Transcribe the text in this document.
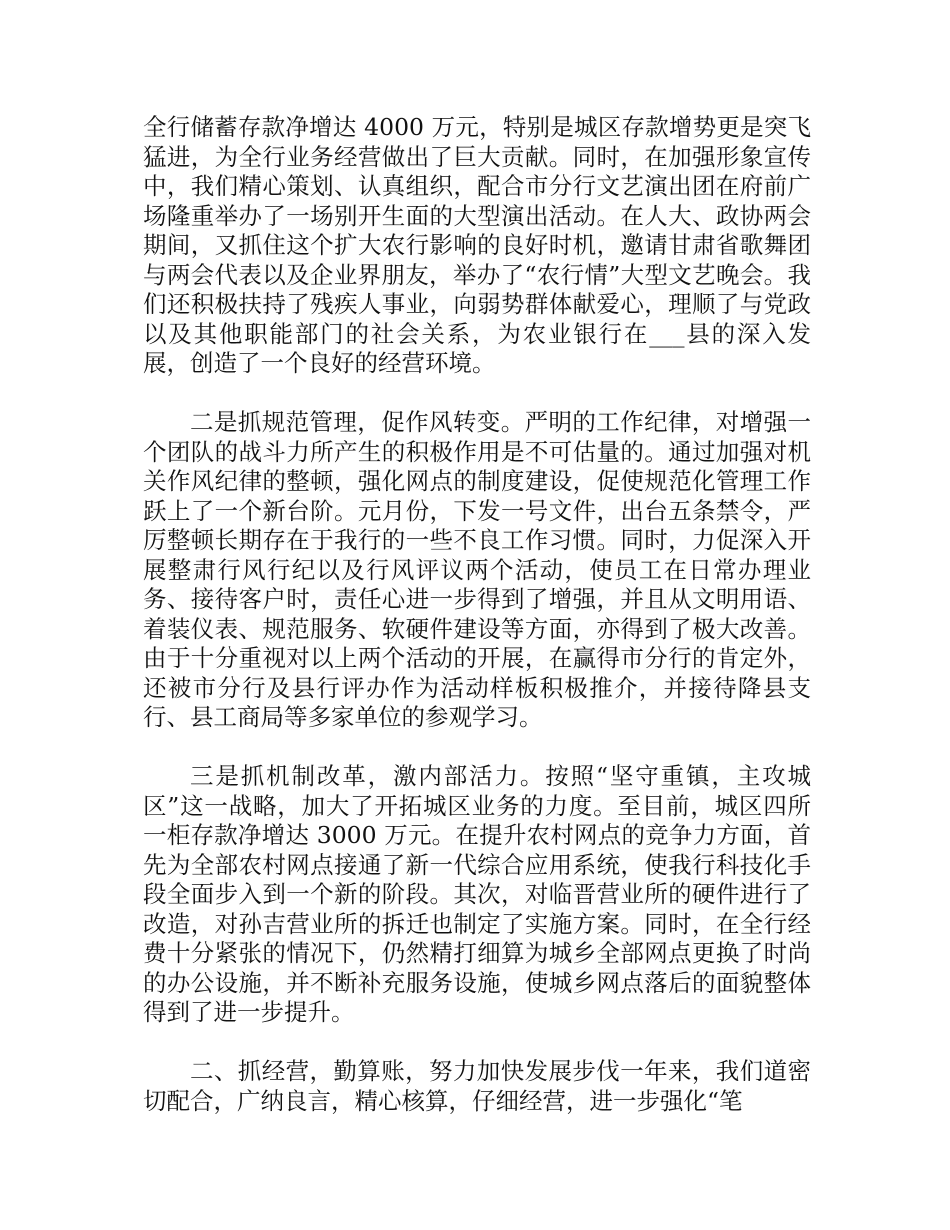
全行储蓄存款净增达 4000 万元，特别是城区存款增势更是突飞猛进，为全行业务经营做出了巨大贡献。同时，在加强形象宣传中，我们精心策划、认真组织，配合市分行文艺演出团在府前广场隆重举办了一场别开生面的大型演出活动。在人大、政协两会期间，又抓住这个扩大农行影响的良好时机，邀请甘肃省歌舞团与两会代表以及企业界朋友，举办了“农行情”大型文艺晚会。我们还积极扶持了残疾人事业，向弱势群体献爱心，理顺了与党政以及其他职能部门的社会关系，为农业银行在___县的深入发展，创造了一个良好的经营环境。

二是抓规范管理，促作风转变。严明的工作纪律，对增强一个团队的战斗力所产生的积极作用是不可估量的。通过加强对机关作风纪律的整顿，强化网点的制度建设，促使规范化管理工作跃上了一个新台阶。元月份，下发一号文件，出台五条禁令，严厉整顿长期存在于我行的一些不良工作习惯。同时，力促深入开展整肃行风行纪以及行风评议两个活动，使员工在日常办理业务、接待客户时，责任心进一步得到了增强，并且从文明用语、着装仪表、规范服务、软硬件建设等方面，亦得到了极大改善。由于十分重视对以上两个活动的开展，在赢得市分行的肯定外，还被市分行及县行评办作为活动样板积极推介，并接待降县支行、县工商局等多家单位的参观学习。

三是抓机制改革，激内部活力。按照“坚守重镇，主攻城区”这一战略，加大了开拓城区业务的力度。至目前，城区四所一柜存款净增达 3000 万元。在提升农村网点的竞争力方面，首先为全部农村网点接通了新一代综合应用系统，使我行科技化手段全面步入到一个新的阶段。其次，对临晋营业所的硬件进行了改造，对孙吉营业所的拆迁也制定了实施方案。同时，在全行经费十分紧张的情况下，仍然精打细算为城乡全部网点更换了时尚的办公设施，并不断补充服务设施，使城乡网点落后的面貌整体得到了进一步提升。

二、抓经营，勤算账，努力加快发展步伐一年来，我们道密切配合，广纳良言，精心核算，仔细经营，进一步强化“笔
